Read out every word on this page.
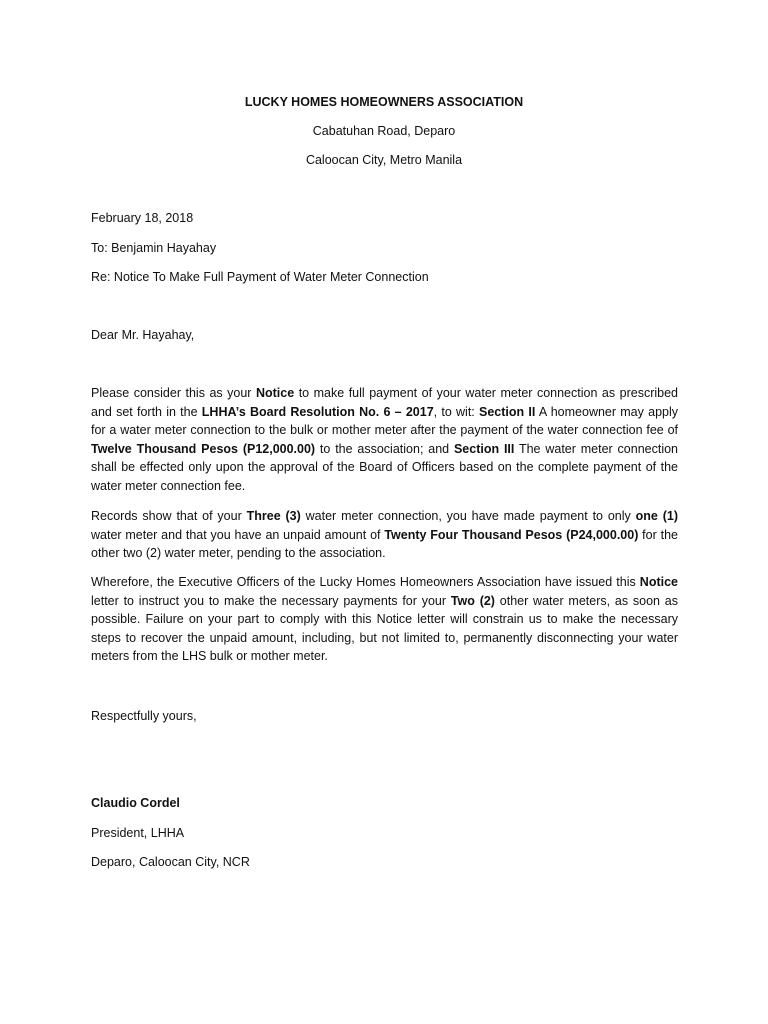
LUCKY HOMES HOMEOWNERS ASSOCIATION
Cabatuhan Road, Deparo
Caloocan City, Metro Manila
February 18, 2018
To: Benjamin Hayahay
Re: Notice To Make Full Payment of Water Meter Connection
Dear Mr. Hayahay,
Please consider this as your Notice to make full payment of your water meter connection as prescribed and set forth in the LHHA’s Board Resolution No. 6 – 2017, to wit: Section II A homeowner may apply for a water meter connection to the bulk or mother meter after the payment of the water connection fee of Twelve Thousand Pesos (P12,000.00) to the association; and Section III The water meter connection shall be effected only upon the approval of the Board of Officers based on the complete payment of the water meter connection fee.
Records show that of your Three (3) water meter connection, you have made payment to only one (1) water meter and that you have an unpaid amount of Twenty Four Thousand Pesos (P24,000.00) for the other two (2) water meter, pending to the association.
Wherefore, the Executive Officers of the Lucky Homes Homeowners Association have issued this Notice letter to instruct you to make the necessary payments for your Two (2) other water meters, as soon as possible. Failure on your part to comply with this Notice letter will constrain us to make the necessary steps to recover the unpaid amount, including, but not limited to, permanently disconnecting your water meters from the LHS bulk or mother meter.
Respectfully yours,
Claudio Cordel
President, LHHA
Deparo, Caloocan City, NCR
